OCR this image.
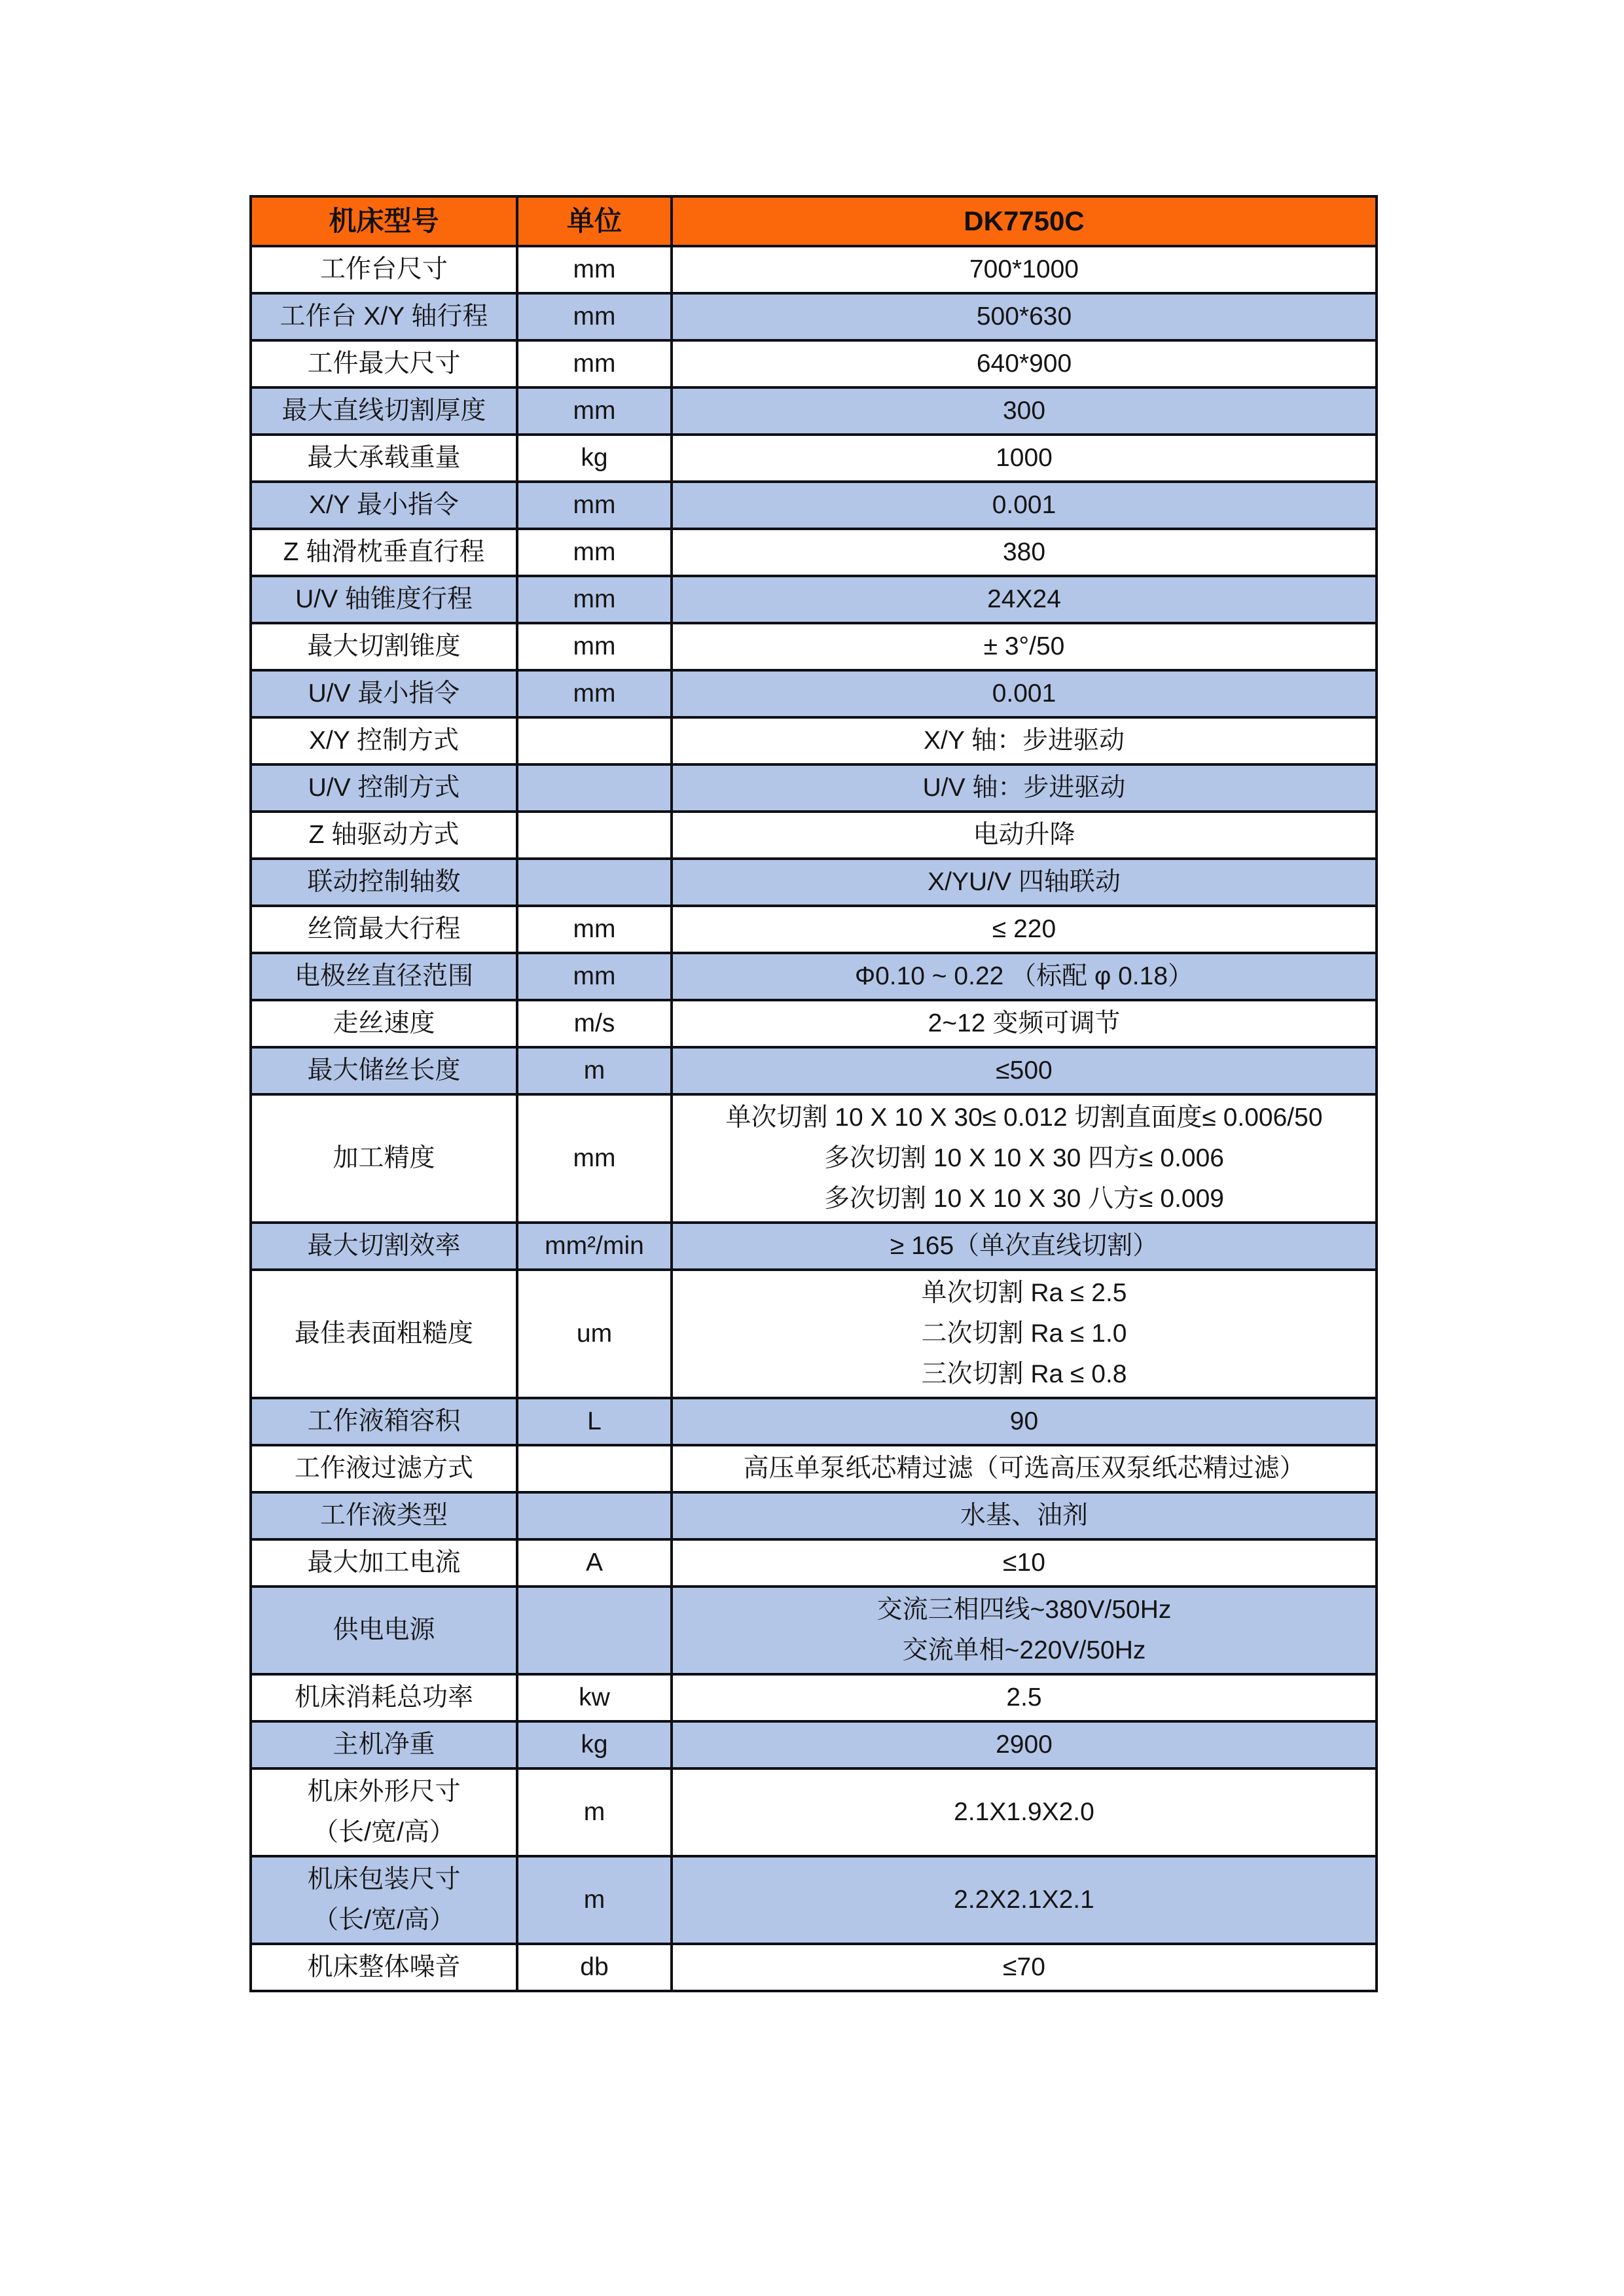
机床型号	单位	DK7750C

工作台尺寸	mm	700*1000

工作台 X/Y 轴行程	mm	500*630

工件最大尺寸	mm	640*900

最大直线切割厚度	mm	300

最大承载重量	kg	1000

X/Y 最小指令	mm	0.001

Z 轴滑枕垂直行程	mm	380

U/V 轴锥度行程	mm	24X24

最大切割锥度	mm	± 3°/50

U/V 最小指令	mm	0.001

X/Y 控制方式		X/Y 轴：步进驱动

U/V 控制方式		U/V 轴：步进驱动

Z 轴驱动方式		电动升降

联动控制轴数		X/YU/V 四轴联动

丝筒最大行程	mm	≤ 220

电极丝直径范围	mm	Φ0.10 ~ 0.22 （标配 φ 0.18）

走丝速度	m/s	2~12 变频可调节

最大储丝长度	m	≤500

加工精度	mm	单次切割 10 X 10 X 30≤ 0.012 切割直面度≤ 0.006/50
多次切割 10 X 10 X 30 四方≤ 0.006
多次切割 10 X 10 X 30 八方≤ 0.009

最大切割效率	mm²/min	≥ 165（单次直线切割）

最佳表面粗糙度	um	单次切割 Ra ≤ 2.5
二次切割 Ra ≤ 1.0
三次切割 Ra ≤ 0.8

工作液箱容积	L	90

工作液过滤方式		高压单泵纸芯精过滤（可选高压双泵纸芯精过滤）

工作液类型		水基、油剂

最大加工电流	A	≤10

供电电源		交流三相四线~380V/50Hz
交流单相~220V/50Hz

机床消耗总功率	kw	2.5

主机净重	kg	2900

机床外形尺寸
（长/宽/高）	m	2.1X1.9X2.0

机床包装尺寸
（长/宽/高）	m	2.2X2.1X2.1

机床整体噪音	db	≤70
